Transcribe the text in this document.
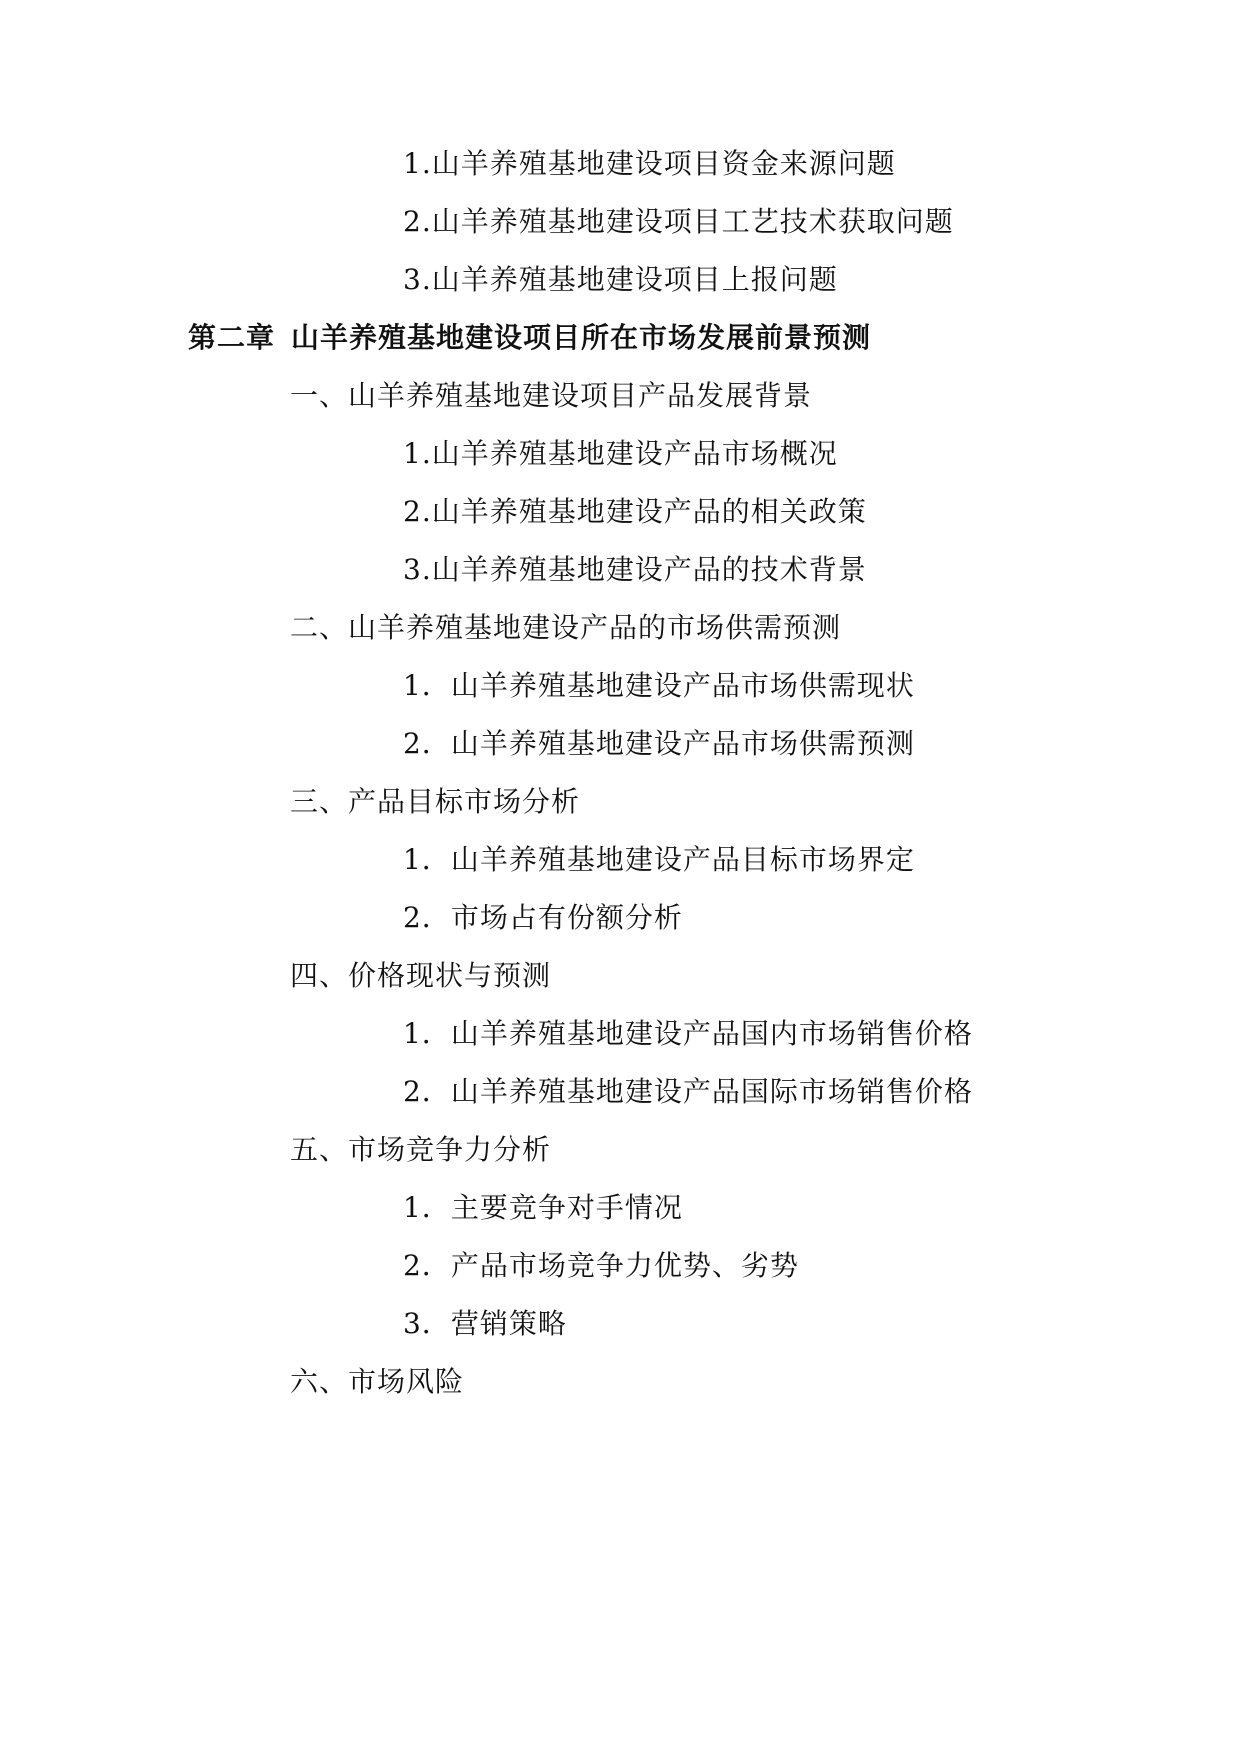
1.山羊养殖基地建设项目资金来源问题
2.山羊养殖基地建设项目工艺技术获取问题
3.山羊养殖基地建设项目上报问题
第二章 山羊养殖基地建设项目所在市场发展前景预测
一、山羊养殖基地建设项目产品发展背景
1.山羊养殖基地建设产品市场概况
2.山羊养殖基地建设产品的相关政策
3.山羊养殖基地建设产品的技术背景
二、山羊养殖基地建设产品的市场供需预测
1．山羊养殖基地建设产品市场供需现状
2．山羊养殖基地建设产品市场供需预测
三、产品目标市场分析
1．山羊养殖基地建设产品目标市场界定
2．市场占有份额分析
四、价格现状与预测
1．山羊养殖基地建设产品国内市场销售价格
2．山羊养殖基地建设产品国际市场销售价格
五、市场竞争力分析
1．主要竞争对手情况
2．产品市场竞争力优势、劣势
3．营销策略
六、市场风险
